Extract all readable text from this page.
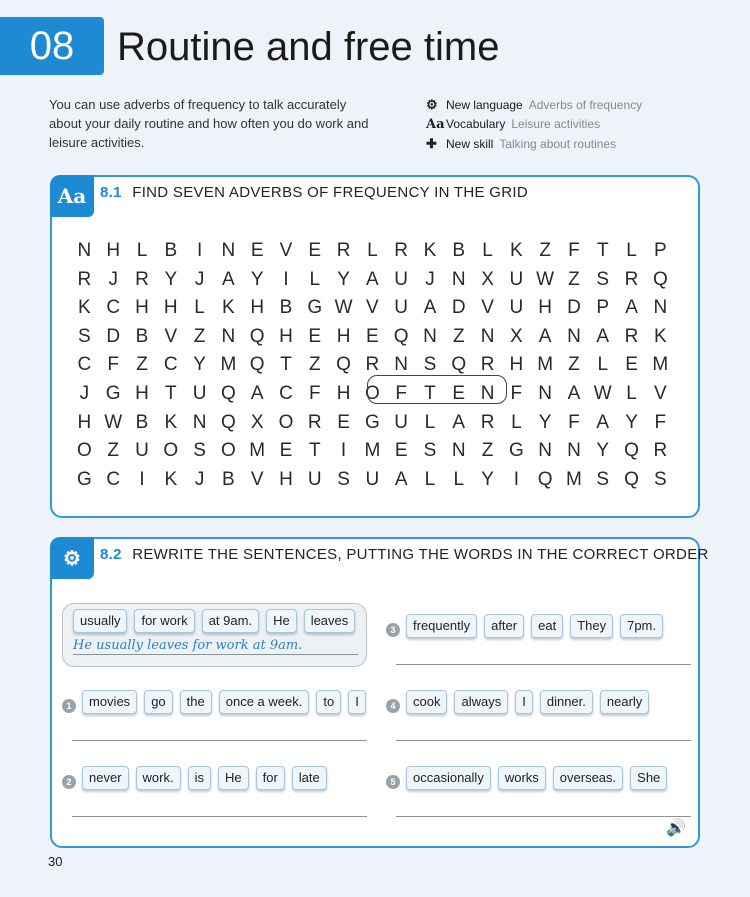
08	Routine and free time
You can use adverbs of frequency to talk accurately about your daily routine and how often you do work and leisure activities.
⚙ New language Adverbs of frequency
Aa Vocabulary Leisure activities
✚ New skill Talking about routines
Aa 8.1 FIND SEVEN ADVERBS OF FREQUENCY IN THE GRID
N H L B	I	N E V E R L R K B L K Z F T L P
R J R Y J A Y	I	L Y A U J N X U W Z S R Q
K C H H L K H B G W V U A D V U H D P A N
S D B V Z N Q H E H E Q N Z N X A N A R K
C F Z C Y M Q T Z Q R N S Q R H M Z L E M
J G H T U Q A C F H O F T E N F N A W L V
H W B K N Q X O R E G U L A R L Y F A Y F
O Z U O S O M E T	I M E S N Z G N N Y Q R
G C	I	K J B V H U S U A L L Y	I Q M S Q S
⚙	8.2 REWRITE THE SENTENCES, PUTTING THE WORDS IN THE CORRECT ORDER
usually	for work	at 9am.	He	leaves
He usually leaves for work at 9am.
1	movies	go	the	once a week.	to	I
2	never	work.	is	He	for	late
3	frequently	after	eat	They	7pm.
4	cook	always	I	dinner.	nearly
5	occasionally	works	overseas.	She
🔊
30
